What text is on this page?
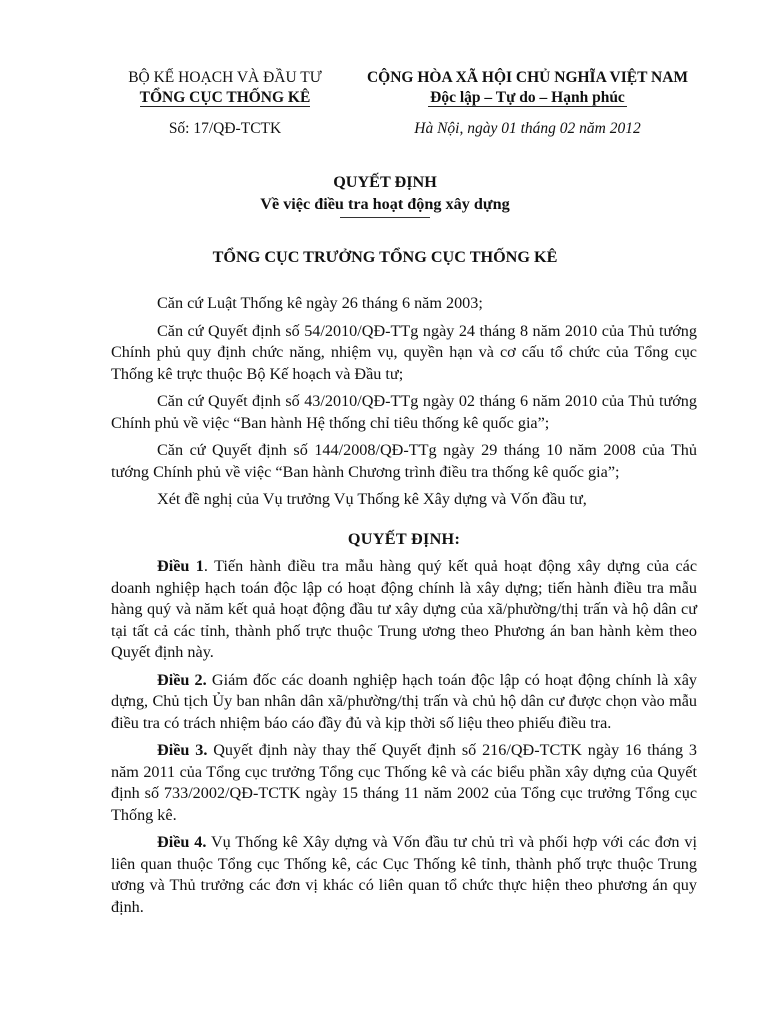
BỘ KẾ HOẠCH VÀ ĐẦU TƯ
TỔNG CỤC THỐNG KÊ
Số: 17/QĐ-TCTK
CỘNG HÒA XÃ HỘI CHỦ NGHĨA VIỆT NAM
Độc lập – Tự do – Hạnh phúc
Hà Nội, ngày 01 tháng 02 năm 2012
QUYẾT ĐỊNH
Về việc điều tra hoạt động xây dựng
TỔNG CỤC TRƯỞNG TỔNG CỤC THỐNG KÊ

Căn cứ Luật Thống kê ngày 26 tháng 6 năm 2003;

Căn cứ Quyết định số 54/2010/QĐ-TTg ngày 24 tháng 8 năm 2010 của Thủ tướng Chính phủ quy định chức năng, nhiệm vụ, quyền hạn và cơ cấu tổ chức của Tổng cục Thống kê trực thuộc Bộ Kế hoạch và Đầu tư;

Căn cứ Quyết định số 43/2010/QĐ-TTg ngày 02 tháng 6 năm 2010 của Thủ tướng Chính phủ về việc “Ban hành Hệ thống chỉ tiêu thống kê quốc gia”;

Căn cứ Quyết định số 144/2008/QĐ-TTg ngày 29 tháng 10 năm 2008 của Thủ tướng Chính phủ về việc “Ban hành Chương trình điều tra thống kê quốc gia”;

Xét đề nghị của Vụ trưởng Vụ Thống kê Xây dựng và Vốn đầu tư,

QUYẾT ĐỊNH:

Điều 1. Tiến hành điều tra mẫu hàng quý kết quả hoạt động xây dựng của các doanh nghiệp hạch toán độc lập có hoạt động chính là xây dựng; tiến hành điều tra mẫu hàng quý và năm kết quả hoạt động đầu tư xây dựng của xã/phường/thị trấn và hộ dân cư tại tất cả các tỉnh, thành phố trực thuộc Trung ương theo Phương án ban hành kèm theo Quyết định này.

Điều 2. Giám đốc các doanh nghiệp hạch toán độc lập có hoạt động chính là xây dựng, Chủ tịch Ủy ban nhân dân xã/phường/thị trấn và chủ hộ dân cư được chọn vào mẫu điều tra có trách nhiệm báo cáo đầy đủ và kịp thời số liệu theo phiếu điều tra.

Điều 3. Quyết định này thay thế Quyết định số 216/QĐ-TCTK ngày 16 tháng 3 năm 2011 của Tổng cục trưởng Tổng cục Thống kê và các biểu phần xây dựng của Quyết định số 733/2002/QĐ-TCTK ngày 15 tháng 11 năm 2002 của Tổng cục trưởng Tổng cục Thống kê.

Điều 4. Vụ Thống kê Xây dựng và Vốn đầu tư chủ trì và phối hợp với các đơn vị liên quan thuộc Tổng cục Thống kê, các Cục Thống kê tỉnh, thành phố trực thuộc Trung ương và Thủ trưởng các đơn vị khác có liên quan tổ chức thực hiện theo phương án quy định.
